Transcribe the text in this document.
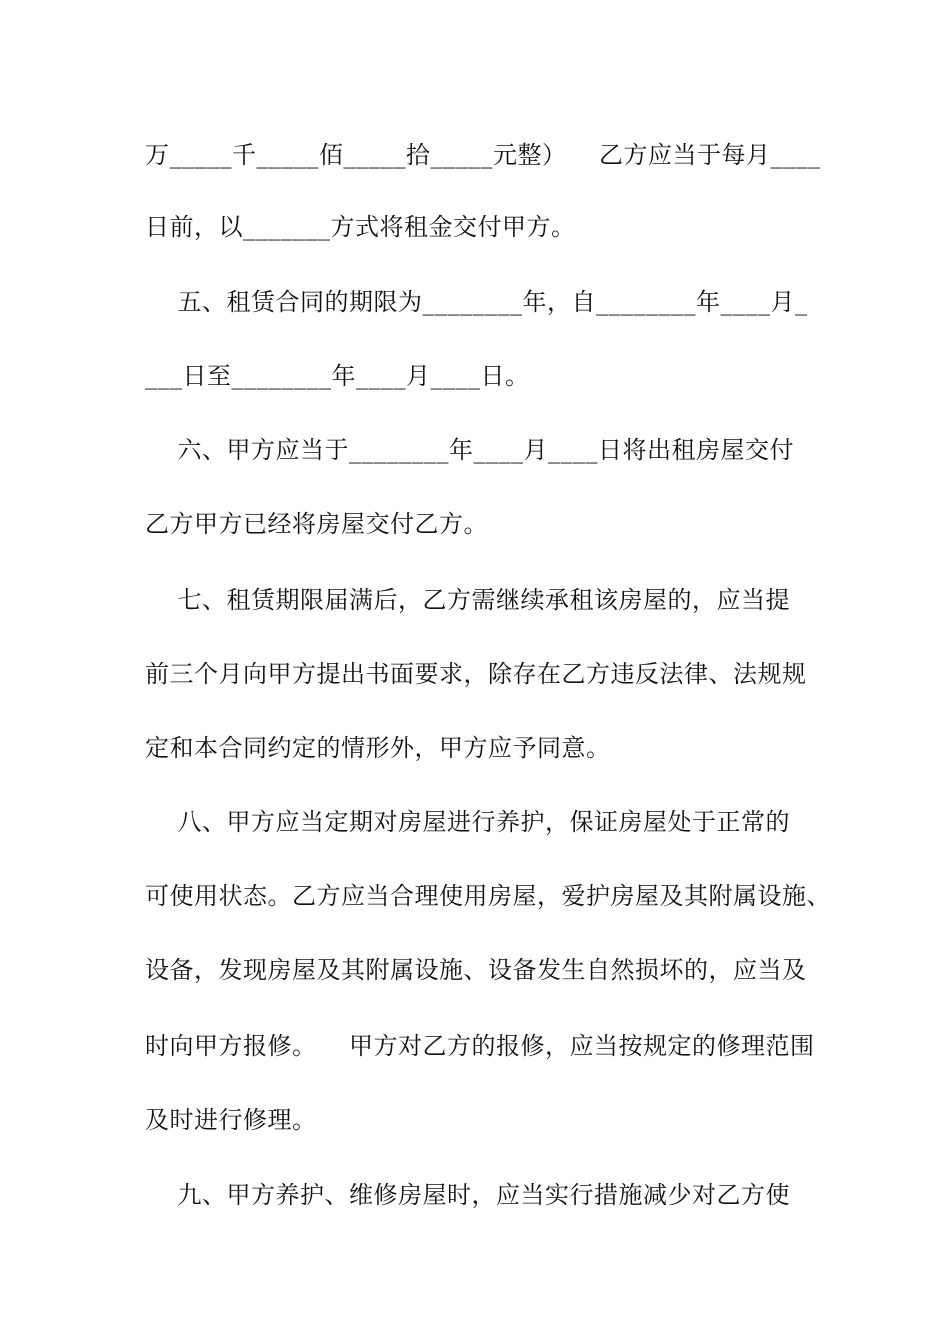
万_____千_____佰_____拾_____元整）    乙方应当于每月____
日前，以_______方式将租金交付甲方。
五、租赁合同的期限为________年，自________年____月_
___日至________年____月____日。
六、甲方应当于________年____月____日将出租房屋交付
乙方甲方已经将房屋交付乙方。
七、租赁期限届满后，乙方需继续承租该房屋的，应当提
前三个月向甲方提出书面要求，除存在乙方违反法律、法规规
定和本合同约定的情形外，甲方应予同意。
八、甲方应当定期对房屋进行养护，保证房屋处于正常的
可使用状态。乙方应当合理使用房屋，爱护房屋及其附属设施、
设备，发现房屋及其附属设施、设备发生自然损坏的，应当及
时向甲方报修。    甲方对乙方的报修，应当按规定的修理范围
及时进行修理。
九、甲方养护、维修房屋时，应当实行措施减少对乙方使
